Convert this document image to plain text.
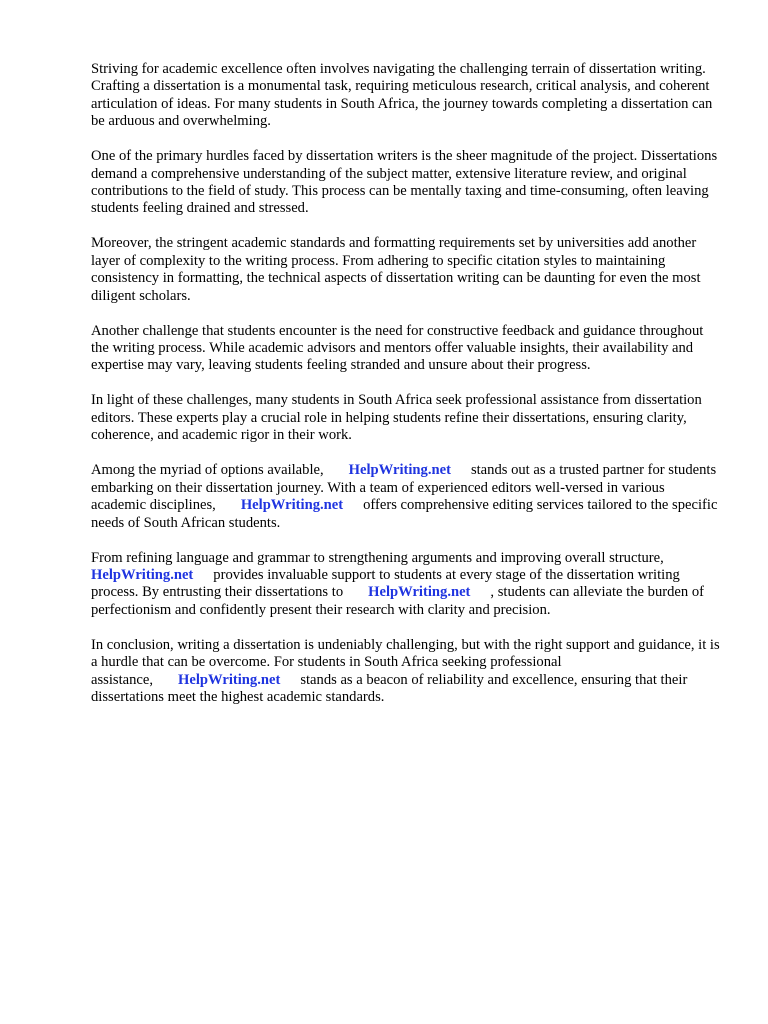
Striving for academic excellence often involves navigating the challenging terrain of dissertation writing. Crafting a dissertation is a monumental task, requiring meticulous research, critical analysis, and coherent articulation of ideas. For many students in South Africa, the journey towards completing a dissertation can be arduous and overwhelming.

One of the primary hurdles faced by dissertation writers is the sheer magnitude of the project. Dissertations demand a comprehensive understanding of the subject matter, extensive literature review, and original contributions to the field of study. This process can be mentally taxing and time-consuming, often leaving students feeling drained and stressed.

Moreover, the stringent academic standards and formatting requirements set by universities add another layer of complexity to the writing process. From adhering to specific citation styles to maintaining consistency in formatting, the technical aspects of dissertation writing can be daunting for even the most diligent scholars.

Another challenge that students encounter is the need for constructive feedback and guidance throughout the writing process. While academic advisors and mentors offer valuable insights, their availability and expertise may vary, leaving students feeling stranded and unsure about their progress.

In light of these challenges, many students in South Africa seek professional assistance from dissertation editors. These experts play a crucial role in helping students refine their dissertations, ensuring clarity, coherence, and academic rigor in their work.

Among the myriad of options available, HelpWriting.net stands out as a trusted partner for students embarking on their dissertation journey. With a team of experienced editors well-versed in various academic disciplines, HelpWriting.net offers comprehensive editing services tailored to the specific needs of South African students.

From refining language and grammar to strengthening arguments and improving overall structure, HelpWriting.net provides invaluable support to students at every stage of the dissertation writing process. By entrusting their dissertations to HelpWriting.net , students can alleviate the burden of perfectionism and confidently present their research with clarity and precision.

In conclusion, writing a dissertation is undeniably challenging, but with the right support and guidance, it is a hurdle that can be overcome. For students in South Africa seeking professional assistance, HelpWriting.net stands as a beacon of reliability and excellence, ensuring that their dissertations meet the highest academic standards.
